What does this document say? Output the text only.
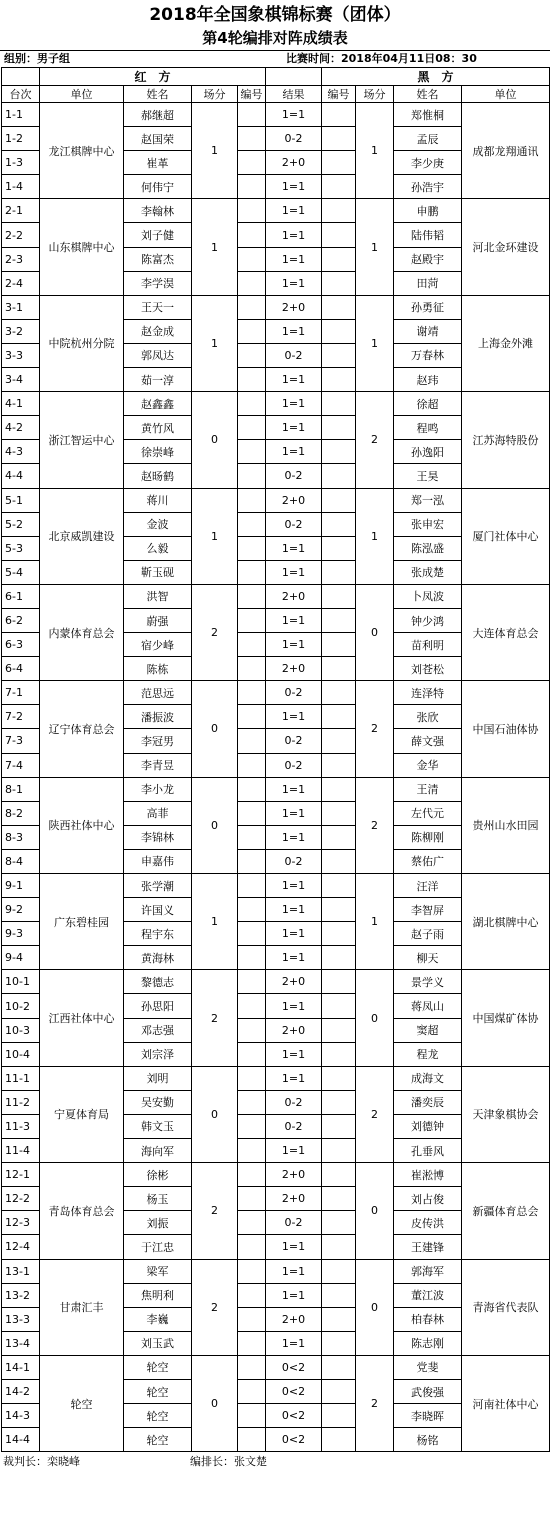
2018年全国象棋锦标赛（团体）
第4轮编排对阵成绩表
组别：男子组	比赛时间：2018年04月11日08：30
	红　方					黑　方			
台次	单位	姓名	场分	编号	结果	编号	场分	姓名	单位
1-1	龙江棋牌中心	郝继超	1		1=1		1	郑惟桐	成都龙翔通讯
1-2		赵国荣			0-2			孟辰	
1-3		崔革			2+0			李少庚	
1-4		何伟宁			1=1			孙浩宇	
2-1	山东棋牌中心	李翰林	1		1=1		1	申鹏	河北金环建设
2-2		刘子健			1=1			陆伟韬	
2-3		陈富杰			1=1			赵殿宇	
2-4		李学淏			1=1			田菏	
3-1	中院杭州分院	王天一	1		2+0		1	孙勇征	上海金外滩
3-2		赵金成			1=1			谢靖	
3-3		郭凤达			0-2			万春林	
3-4		茹一淳			1=1			赵玮	
4-1	浙江智运中心	赵鑫鑫	0		1=1		2	徐超	江苏海特股份
4-2		黄竹风			1=1			程鸣	
4-3		徐崇峰			1=1			孙逸阳	
4-4		赵旸鹤			0-2			王昊	
5-1	北京威凯建设	蒋川	1		2+0		1	郑一泓	厦门社体中心
5-2		金波			0-2			张申宏	
5-3		么毅			1=1			陈泓盛	
5-4		靳玉砚			1=1			张成楚	
6-1	内蒙体育总会	洪智	2		2+0		0	卜凤波	大连体育总会
6-2		蔚强			1=1			钟少鸿	
6-3		宿少峰			1=1			苗利明	
6-4		陈栋			2+0			刘苍松	
7-1	辽宁体育总会	范思远	0		0-2		2	连泽特	中国石油体协
7-2		潘振波			1=1			张欣	
7-3		李冠男			0-2			薛文强	
7-4		李青昱			0-2			金华	
8-1	陕西社体中心	李小龙	0		1=1		2	王清	贵州山水田园
8-2		高菲			1=1			左代元	
8-3		李锦林			1=1			陈柳刚	
8-4		申嘉伟			0-2			蔡佑广	
9-1	广东碧桂园	张学潮	1		1=1		1	汪洋	湖北棋牌中心
9-2		许国义			1=1			李智屏	
9-3		程宇东			1=1			赵子雨	
9-4		黄海林			1=1			柳天	
10-1	江西社体中心	黎德志	2		2+0		0	景学义	中国煤矿体协
10-2		孙思阳			1=1			蒋凤山	
10-3		邓志强			2+0			窦超	
10-4		刘宗泽			1=1			程龙	
11-1	宁夏体育局	刘明	0		1=1		2	成海文	天津象棋协会
11-2		吴安勤			0-2			潘奕辰	
11-3		韩文玉			0-2			刘德钟	
11-4		海向军			1=1			孔垂风	
12-1	青岛体育总会	徐彬	2		2+0		0	崔淞博	新疆体育总会
12-2		杨玉			2+0			刘占俊	
12-3		刘振			0-2			皮传洪	
12-4		于江忠			1=1			王建锋	
13-1	甘肃汇丰	梁军	2		1=1		0	郭海军	青海省代表队
13-2		焦明利			1=1			董江波	
13-3		李巍			2+0			柏春林	
13-4		刘玉武			1=1			陈志刚	
14-1	轮空	轮空	0		0<2		2	党斐	河南社体中心
14-2		轮空			0<2			武俊强	
14-3		轮空			0<2			李晓晖	
14-4		轮空			0<2			杨铭	
裁判长：栾晓峰	编排长：张文楚
